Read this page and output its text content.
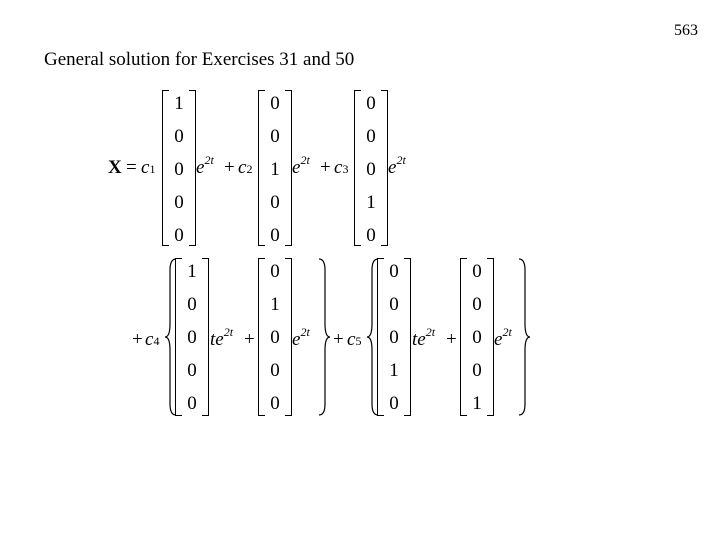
563
General solution for Exercises 31 and 50
X = c1
1
0
0
0
0
$e^{2t} + c2$
0
0
1
0
0
$e^{2t} + c3$
0
0
0
1
0
$e^{2t}$
+ c4
1
0
0
0
0
$te^{2t}$ +
0
1
0
0
0
$e^{2t} + c5$
0
0
0
1
0
$te^{2t}$ +
0
0
0
0
1
$e^{2t}$
